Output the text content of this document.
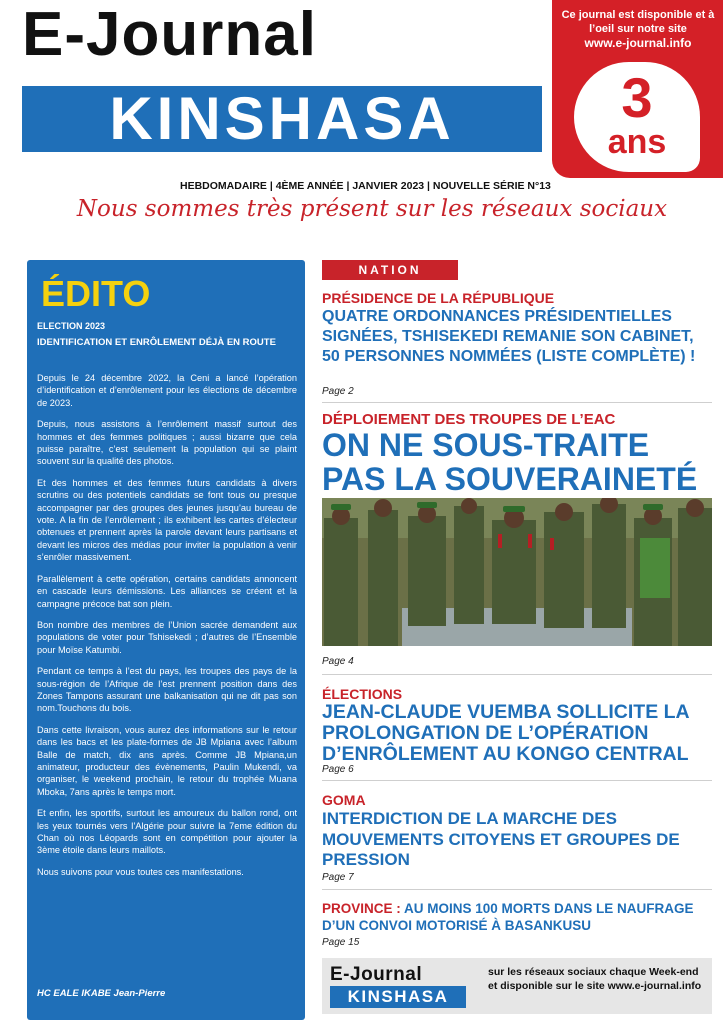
E-Journal
KINSHASA
Ce journal est disponible et à l’oeil sur notre site
www.e-journal.info
3
ans
HEBDOMADAIRE | 4ÈME ANNÉE | JANVIER 2023 | NOUVELLE SÉRIE N°13
Nous sommes très présent sur les réseaux sociaux
ÉDITO
ELECTION 2023
IDENTIFICATION ET ENRÔLEMENT DÉJÀ EN ROUTE

Depuis le 24 décembre 2022, la Ceni a lancé l’opération d’identification et d’enrôlement pour les élections de décembre de 2023.

Depuis, nous assistons à l’enrôlement massif surtout des hommes et des femmes politiques ; aussi bizarre que cela puisse paraître, c’est seulement la population qui se plaint souvent sur la qualité des photos.

Et des hommes et des femmes futurs candidats à divers scrutins ou des potentiels candidats se font tous ou presque accompagner par des groupes des jeunes jusqu’au bureau de vote. A la fin de l’enrôlement ; ils exhibent les cartes d’électeur obtenues et prennent après la parole devant leurs partisans et devant les micros des médias pour inviter la population à venir s’enrôler massivement.

Parallèlement à cette opération, certains candidats annoncent en cascade leurs démissions. Les alliances se créent et la campagne précoce bat son plein.

Bon nombre des membres de l’Union sacrée demandent aux populations de voter pour Tshisekedi ; d’autres de l’Ensemble pour Moïse Katumbi.

Pendant ce temps à l’est du pays, les troupes des pays de la sous-région de l’Afrique de l’est prennent position dans des Zones Tampons assurant une balkanisation qui ne dit pas son nom.Touchons du bois.

Dans cette livraison, vous aurez des informations sur le retour dans les bacs et les plate-formes de JB Mpiana avec l’album Balle de match, dix ans après. Comme JB Mpiana,un animateur, producteur des évènements, Paulin Mukendi, va organiser, le weekend prochain, le retour du trophée Muana Mboka, 7ans après le temps mort.

Et enfin, les sportifs, surtout les amoureux du ballon rond, ont les yeux tournés vers l’Algérie pour suivre la 7eme édition du Chan où nos Léopards sont en compétition pour ajouter la 3ème étoile dans leurs maillots.

Nous suivons pour vous toutes ces manifestations.

HC EALE IKABE Jean-Pierre
NATION
PRÉSIDENCE DE LA RÉPUBLIQUE
QUATRE ORDONNANCES PRÉSIDENTIELLES SIGNÉES, TSHISEKEDI REMANIE SON CABINET, 50 PERSONNES NOMMÉES (LISTE COMPLÈTE) !
Page 2
DÉPLOIEMENT DES TROUPES DE L’EAC
ON NE SOUS-TRAITE PAS LA SOUVERAINETÉ
Page 4
ÉLECTIONS
JEAN-CLAUDE VUEMBA SOLLICITE LA PROLONGATION DE L’OPÉRATION D’ENRÔLEMENT AU KONGO CENTRAL
Page 6
GOMA
INTERDICTION DE LA MARCHE DES MOUVEMENTS CITOYENS ET GROUPES DE PRESSION
Page 7
PROVINCE : AU MOINS 100 MORTS DANS LE NAUFRAGE D’UN CONVOI MOTORISÉ À BASANKUSU
Page 15
E-Journal
KINSHASA
sur les réseaux sociaux chaque Week-end et disponible sur le site www.e-journal.info
